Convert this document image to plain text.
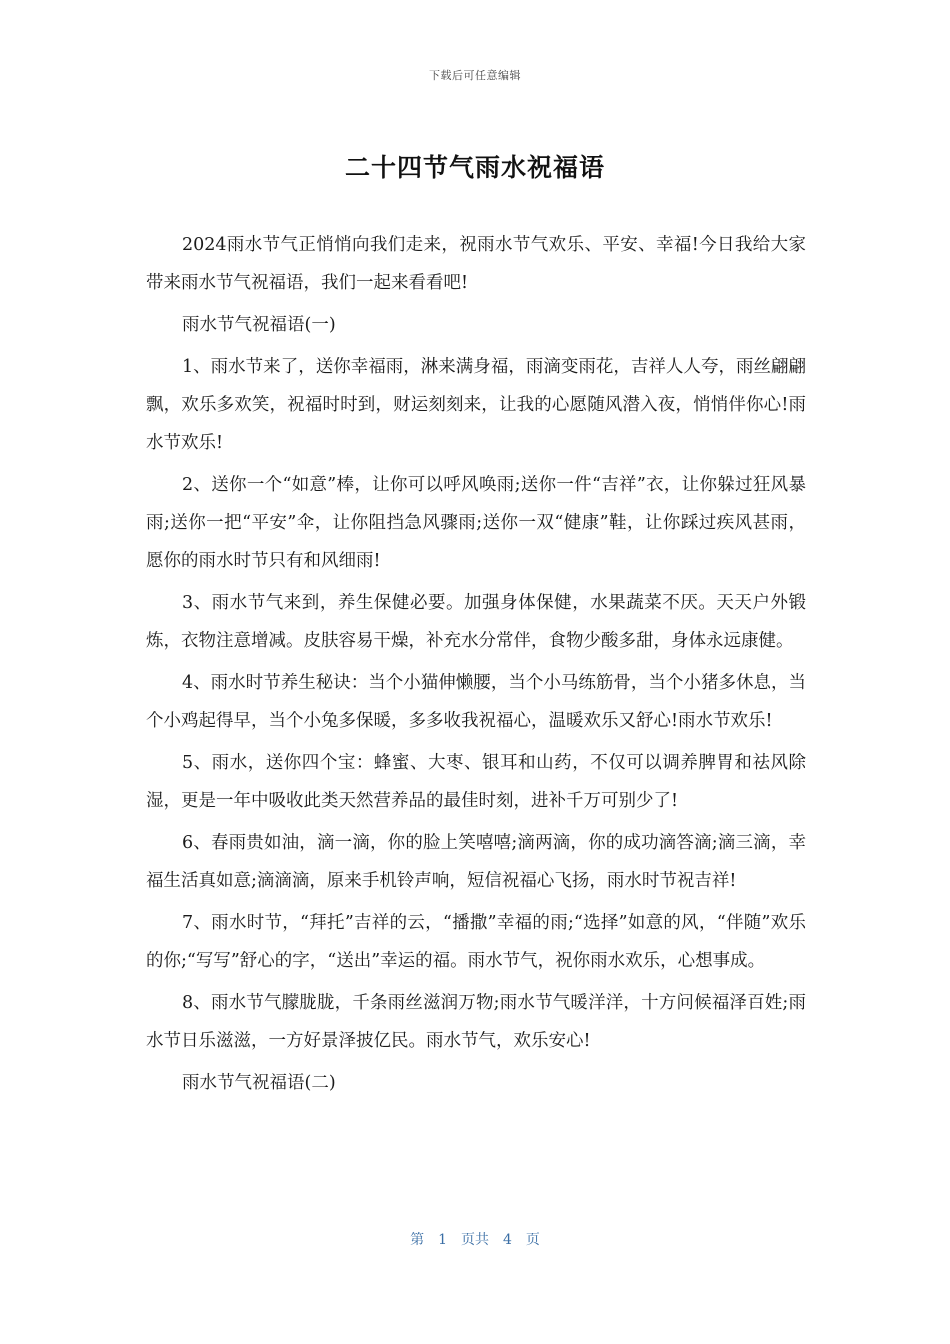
下载后可任意编辑
二十四节气雨水祝福语

2024雨水节气正悄悄向我们走来，祝雨水节气欢乐、平安、幸福!今日我给大家带来雨水节气祝福语，我们一起来看看吧!

雨水节气祝福语(一)

1、雨水节来了，送你幸福雨，淋来满身福，雨滴变雨花，吉祥人人夸，雨丝翩翩飘，欢乐多欢笑，祝福时时到，财运刻刻来，让我的心愿随风潜入夜，悄悄伴你心!雨水节欢乐!

2、送你一个“如意”棒，让你可以呼风唤雨;送你一件“吉祥”衣，让你躲过狂风暴雨;送你一把“平安”伞，让你阻挡急风骤雨;送你一双“健康”鞋，让你踩过疾风甚雨，愿你的雨水时节只有和风细雨!

3、雨水节气来到，养生保健必要。加强身体保健，水果蔬菜不厌。天天户外锻炼，衣物注意增减。皮肤容易干燥，补充水分常伴，食物少酸多甜，身体永远康健。

4、雨水时节养生秘诀：当个小猫伸懒腰，当个小马练筋骨，当个小猪多休息，当个小鸡起得早，当个小兔多保暖，多多收我祝福心，温暖欢乐又舒心!雨水节欢乐!

5、雨水，送你四个宝：蜂蜜、大枣、银耳和山药，不仅可以调养脾胃和祛风除湿，更是一年中吸收此类天然营养品的最佳时刻，进补千万可别少了!

6、春雨贵如油，滴一滴，你的脸上笑嘻嘻;滴两滴，你的成功滴答滴;滴三滴，幸福生活真如意;滴滴滴，原来手机铃声响，短信祝福心飞扬，雨水时节祝吉祥!

7、雨水时节，“拜托”吉祥的云，“播撒”幸福的雨;“选择”如意的风，“伴随”欢乐的你;“写写”舒心的字，“送出”幸运的福。雨水节气，祝你雨水欢乐，心想事成。

8、雨水节气朦胧胧，千条雨丝滋润万物;雨水节气暖洋洋，十方问候福泽百姓;雨水节日乐滋滋，一方好景泽披亿民。雨水节气，欢乐安心!

雨水节气祝福语(二)

第 1 页共 4 页
